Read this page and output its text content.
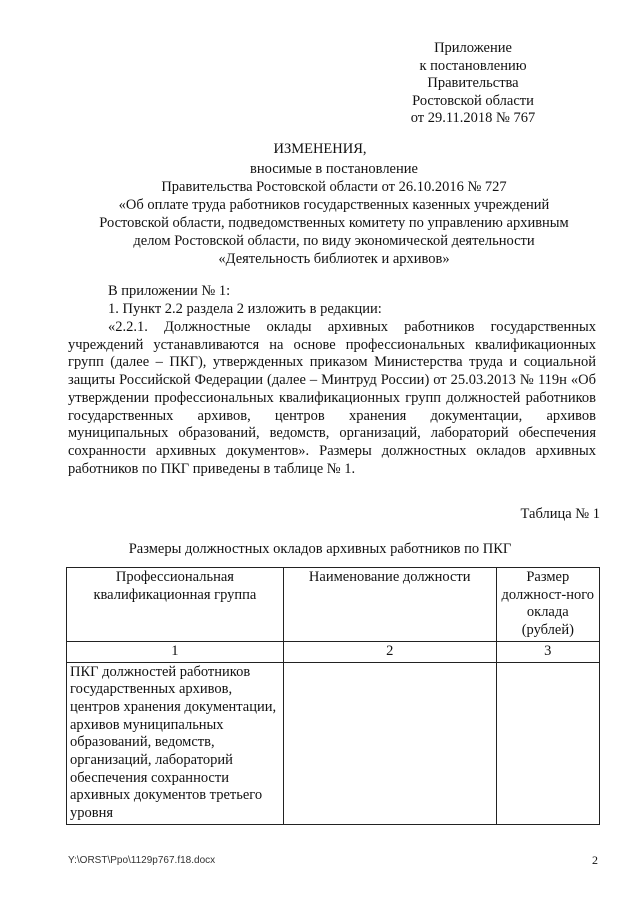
Приложение
к постановлению
Правительства
Ростовской области
от 29.11.2018 № 767
ИЗМЕНЕНИЯ,
вносимые в постановление
Правительства Ростовской области от 26.10.2016 № 727
«Об оплате труда работников государственных казенных учреждений
Ростовской области, подведомственных комитету по управлению архивным
делом Ростовской области, по виду экономической деятельности
«Деятельность библиотек и архивов»
В приложении № 1:
1. Пункт 2.2 раздела 2 изложить в редакции:
«2.2.1. Должностные оклады архивных работников государственных учреждений устанавливаются на основе профессиональных квалификационных групп (далее – ПКГ), утвержденных приказом Министерства труда и социальной защиты Российской Федерации (далее – Минтруд России) от 25.03.2013 № 119н «Об утверждении профессиональных квалификационных групп должностей работников государственных архивов, центров хранения документации, архивов муниципальных образований, ведомств, организаций, лабораторий обеспечения сохранности архивных документов». Размеры должностных окладов архивных работников по ПКГ приведены в таблице № 1.
Таблица № 1
Размеры должностных окладов архивных работников по ПКГ
Профессиональная квалификационная группа	Наименование должности	Размер должност-ного оклада (рублей)
1	2	3
ПКГ должностей работников государственных архивов, центров хранения документации, архивов муниципальных образований, ведомств, организаций, лабораторий обеспечения сохранности архивных документов третьего уровня		
Y:\ORST\Ppo\1129p767.f18.docx	2
